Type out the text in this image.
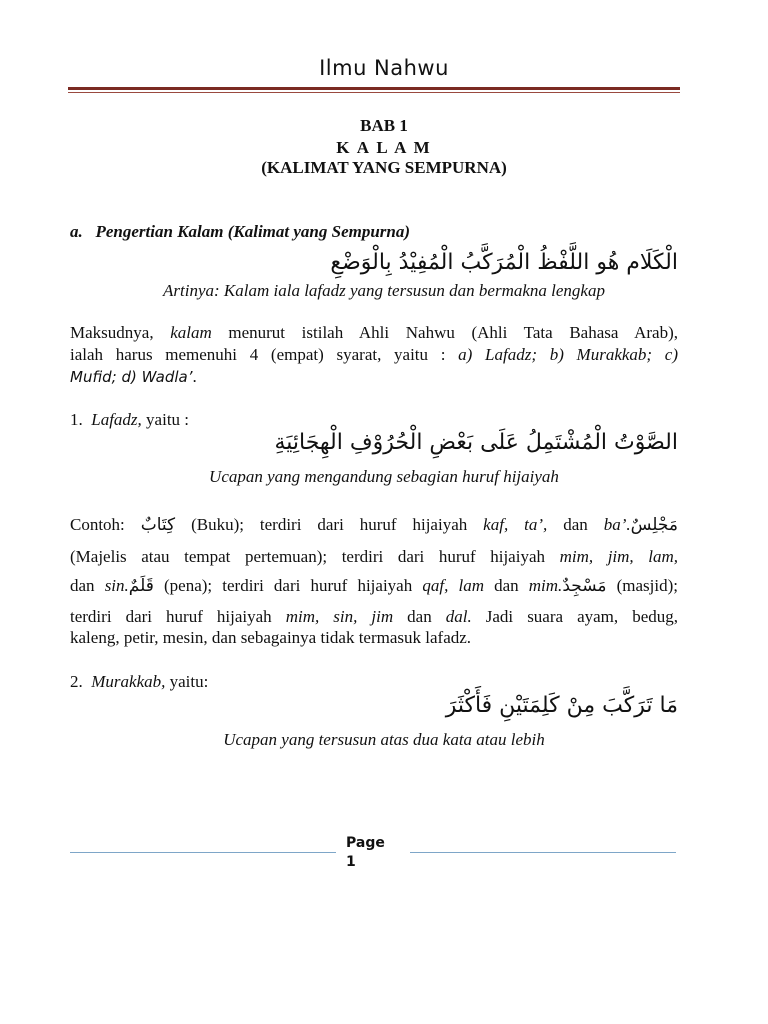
Ilmu Nahwu
BAB 1
K A L A M
(KALIMAT YANG SEMPURNA)
a.   Pengertian Kalam (Kalimat yang Sempurna)
الْكَلَام هُو اللَّفْظُ الْمُرَكَّبُ الْمُفِيْدُ بِالْوَضْعِ
Artinya: Kalam iala lafadz yang tersusun dan bermakna lengkap
Maksudnya, kalam menurut istilah Ahli Nahwu (Ahli Tata Bahasa Arab),
ialah harus memenuhi 4 (empat) syarat, yaitu : a) Lafadz; b) Murakkab; c)
Mufid; d) Wadla’.
1.  Lafadz, yaitu :
الصَّوْتُ الْمُشْتَمِلُ عَلَى بَعْضِ الْحُرُوْفِ الْهِجَائِيَةِ
Ucapan yang mengandung sebagian huruf hijaiyah
Contoh: كِتَابٌ (Buku); terdiri dari huruf hijaiyah kaf, ta’, dan ba’.مَجْلِسٌ
(Majelis atau tempat pertemuan); terdiri dari huruf hijaiyah mim, jim, lam,
dan sin.قَلَمٌ (pena); terdiri dari huruf hijaiyah qaf, lam dan mim.مَسْجِدٌ (masjid);
terdiri dari huruf hijaiyah mim, sin, jim dan dal. Jadi suara ayam, bedug,
kaleng, petir, mesin, dan sebagainya tidak termasuk lafadz.
2.  Murakkab, yaitu:
مَا تَرَكَّبَ مِنْ كَلِمَتَيْنِ فَأَكْثَرَ
Ucapan yang tersusun atas dua kata atau lebih
Page
1
